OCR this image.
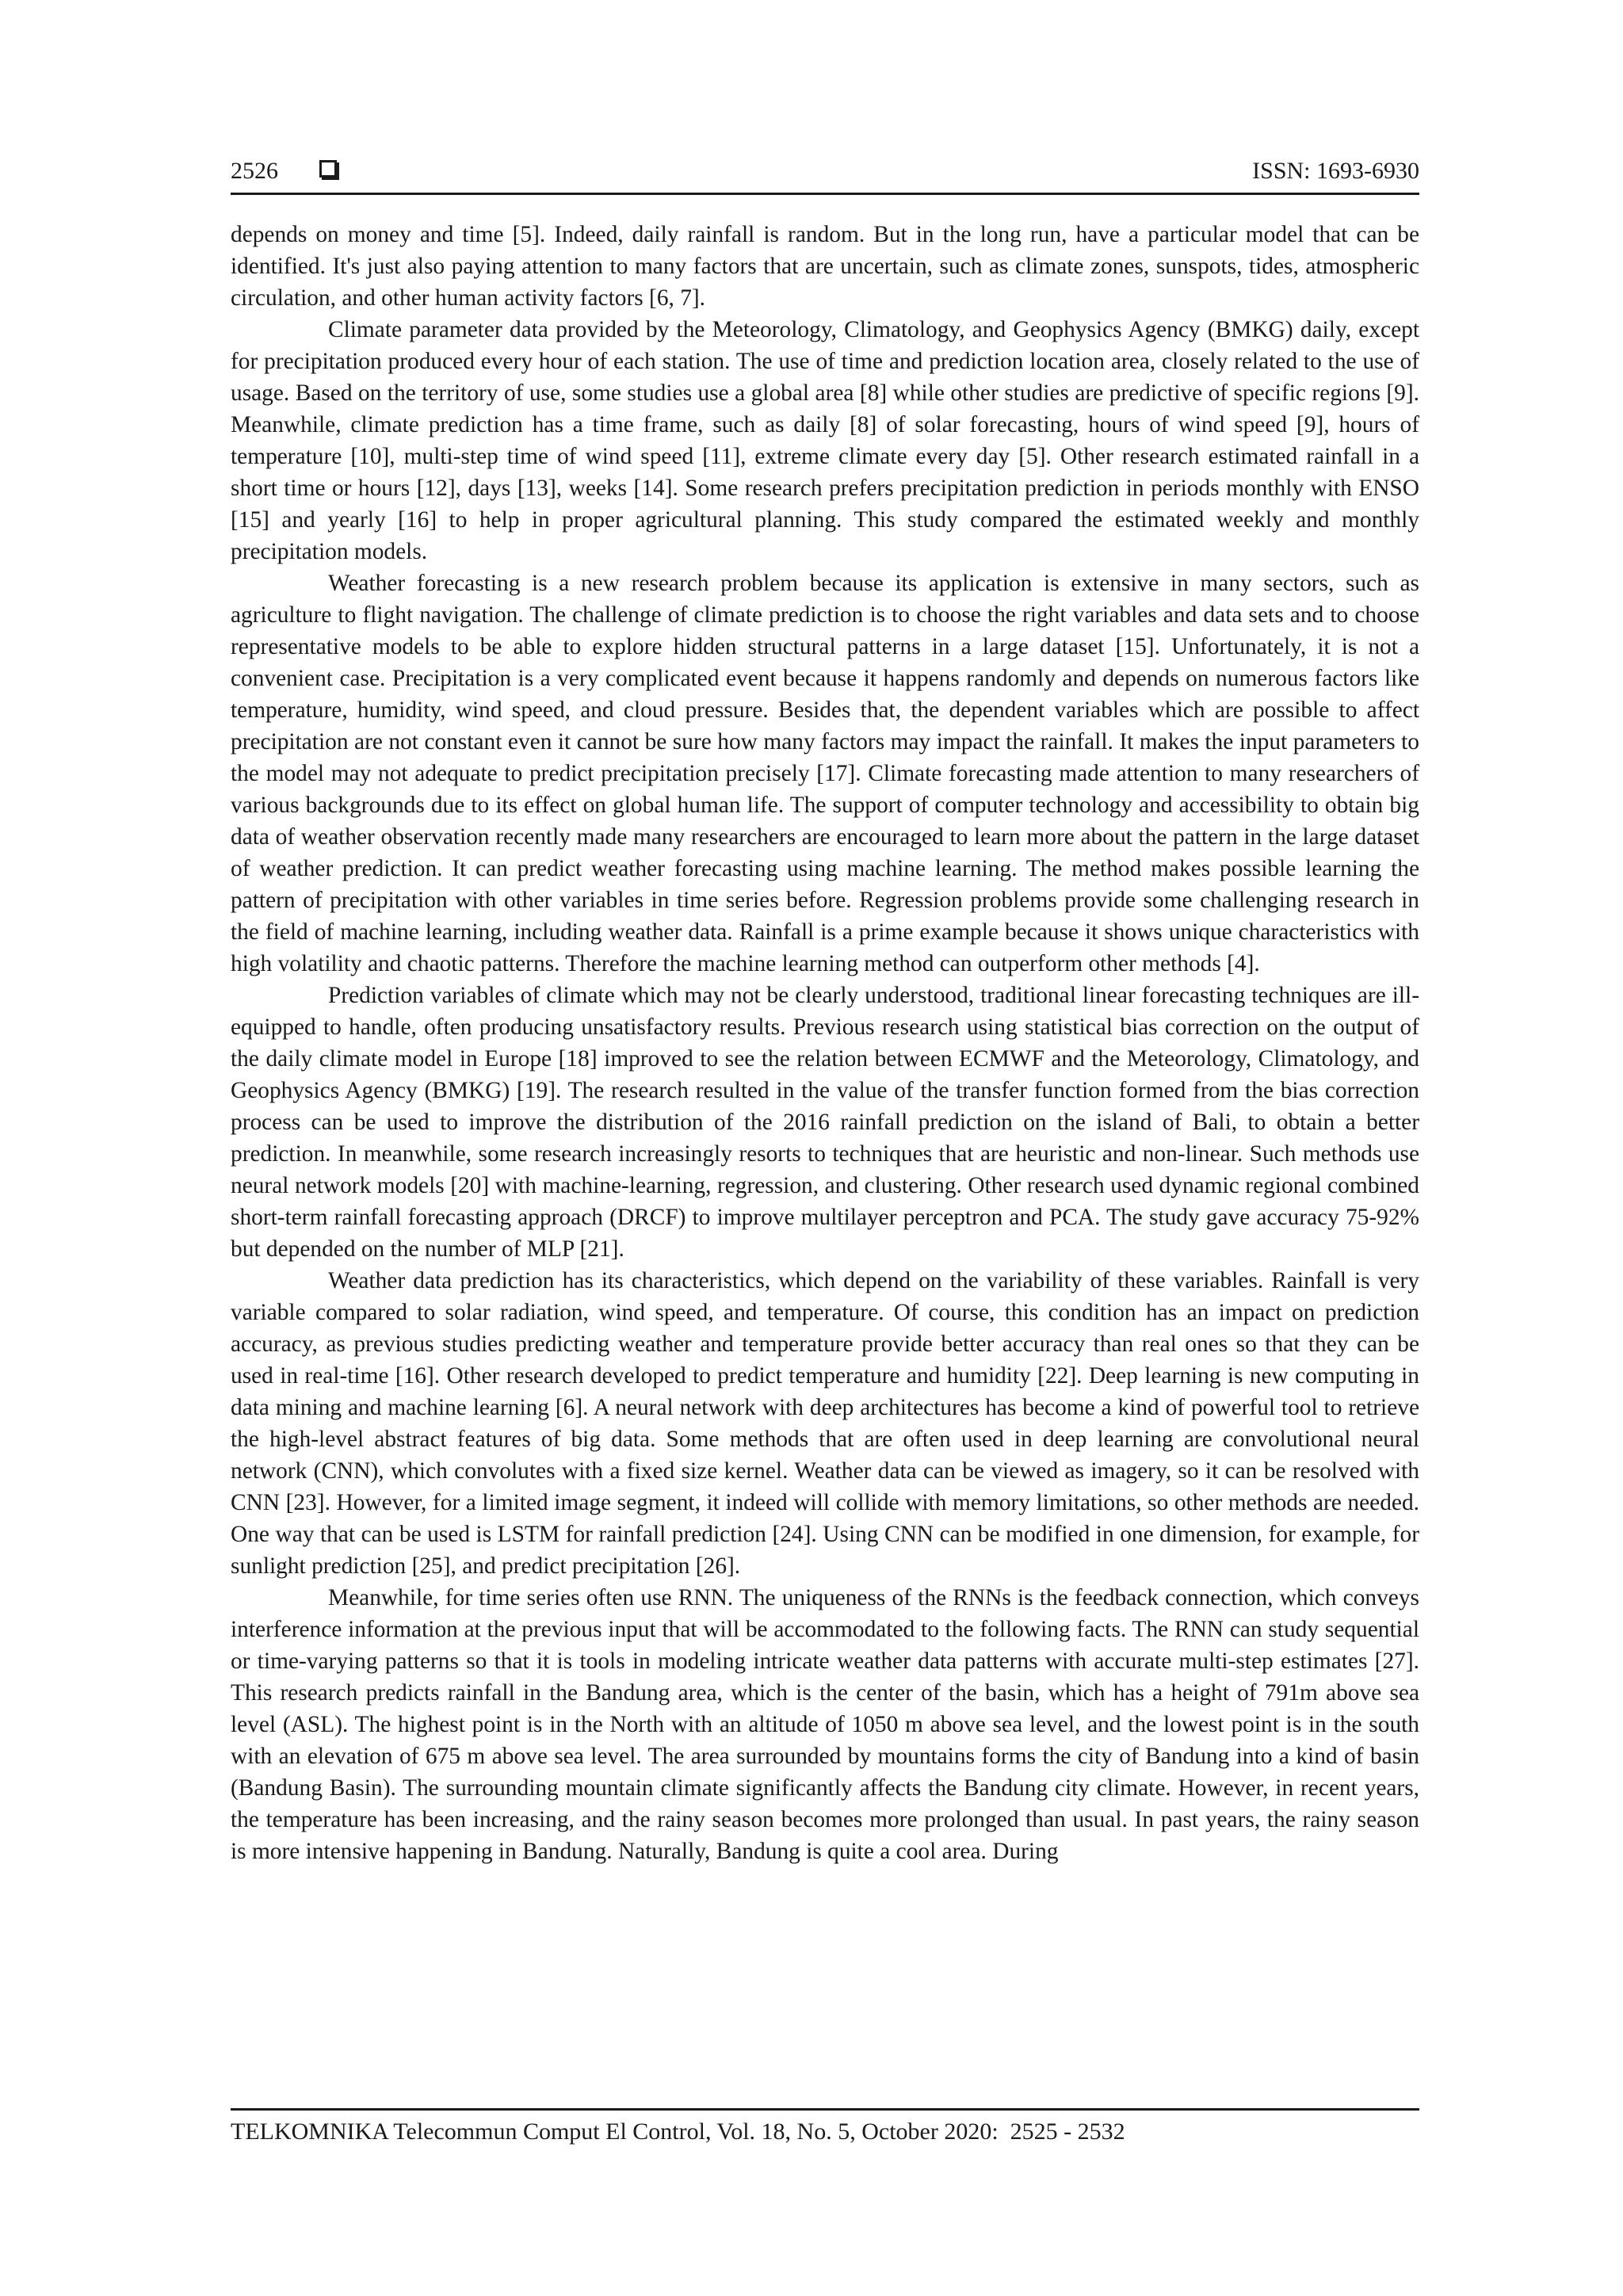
2526	ISSN: 1693-6930

depends on money and time [5]. Indeed, daily rainfall is random. But in the long run, have a particular model that can be identified. It's just also paying attention to many factors that are uncertain, such as climate zones, sunspots, tides, atmospheric circulation, and other human activity factors [6, 7].

Climate parameter data provided by the Meteorology, Climatology, and Geophysics Agency (BMKG) daily, except for precipitation produced every hour of each station. The use of time and prediction location area, closely related to the use of usage. Based on the territory of use, some studies use a global area [8] while other studies are predictive of specific regions [9]. Meanwhile, climate prediction has a time frame, such as daily [8] of solar forecasting, hours of wind speed [9], hours of temperature [10], multi-step time of wind speed [11], extreme climate every day [5]. Other research estimated rainfall in a short time or hours [12], days [13], weeks [14]. Some research prefers precipitation prediction in periods monthly with ENSO [15] and yearly [16] to help in proper agricultural planning. This study compared the estimated weekly and monthly precipitation models.

Weather forecasting is a new research problem because its application is extensive in many sectors, such as agriculture to flight navigation. The challenge of climate prediction is to choose the right variables and data sets and to choose representative models to be able to explore hidden structural patterns in a large dataset [15]. Unfortunately, it is not a convenient case. Precipitation is a very complicated event because it happens randomly and depends on numerous factors like temperature, humidity, wind speed, and cloud pressure. Besides that, the dependent variables which are possible to affect precipitation are not constant even it cannot be sure how many factors may impact the rainfall. It makes the input parameters to the model may not adequate to predict precipitation precisely [17]. Climate forecasting made attention to many researchers of various backgrounds due to its effect on global human life. The support of computer technology and accessibility to obtain big data of weather observation recently made many researchers are encouraged to learn more about the pattern in the large dataset of weather prediction. It can predict weather forecasting using machine learning. The method makes possible learning the pattern of precipitation with other variables in time series before. Regression problems provide some challenging research in the field of machine learning, including weather data. Rainfall is a prime example because it shows unique characteristics with high volatility and chaotic patterns. Therefore the machine learning method can outperform other methods [4].

Prediction variables of climate which may not be clearly understood, traditional linear forecasting techniques are ill-equipped to handle, often producing unsatisfactory results. Previous research using statistical bias correction on the output of the daily climate model in Europe [18] improved to see the relation between ECMWF and the Meteorology, Climatology, and Geophysics Agency (BMKG) [19]. The research resulted in the value of the transfer function formed from the bias correction process can be used to improve the distribution of the 2016 rainfall prediction on the island of Bali, to obtain a better prediction. In meanwhile, some research increasingly resorts to techniques that are heuristic and non-linear. Such methods use neural network models [20] with machine-learning, regression, and clustering. Other research used dynamic regional combined short-term rainfall forecasting approach (DRCF) to improve multilayer perceptron and PCA. The study gave accuracy 75-92% but depended on the number of MLP [21].

Weather data prediction has its characteristics, which depend on the variability of these variables. Rainfall is very variable compared to solar radiation, wind speed, and temperature. Of course, this condition has an impact on prediction accuracy, as previous studies predicting weather and temperature provide better accuracy than real ones so that they can be used in real-time [16]. Other research developed to predict temperature and humidity [22]. Deep learning is new computing in data mining and machine learning [6]. A neural network with deep architectures has become a kind of powerful tool to retrieve the high-level abstract features of big data. Some methods that are often used in deep learning are convolutional neural network (CNN), which convolutes with a fixed size kernel. Weather data can be viewed as imagery, so it can be resolved with CNN [23]. However, for a limited image segment, it indeed will collide with memory limitations, so other methods are needed. One way that can be used is LSTM for rainfall prediction [24]. Using CNN can be modified in one dimension, for example, for sunlight prediction [25], and predict precipitation [26].

Meanwhile, for time series often use RNN. The uniqueness of the RNNs is the feedback connection, which conveys interference information at the previous input that will be accommodated to the following facts. The RNN can study sequential or time-varying patterns so that it is tools in modeling intricate weather data patterns with accurate multi-step estimates [27]. This research predicts rainfall in the Bandung area, which is the center of the basin, which has a height of 791m above sea level (ASL). The highest point is in the North with an altitude of 1050 m above sea level, and the lowest point is in the south with an elevation of 675 m above sea level. The area surrounded by mountains forms the city of Bandung into a kind of basin (Bandung Basin). The surrounding mountain climate significantly affects the Bandung city climate. However, in recent years, the temperature has been increasing, and the rainy season becomes more prolonged than usual. In past years, the rainy season is more intensive happening in Bandung. Naturally, Bandung is quite a cool area. During

TELKOMNIKA Telecommun Comput El Control, Vol. 18, No. 5, October 2020:  2525 - 2532
